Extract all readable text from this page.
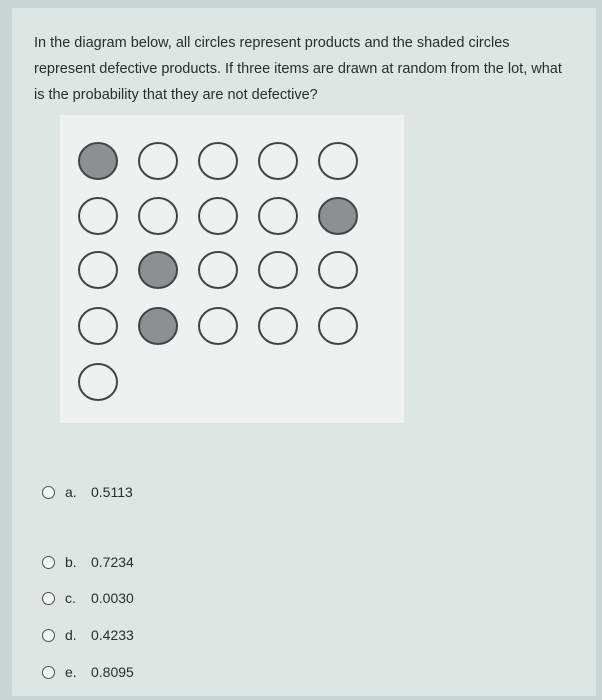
In the diagram below, all circles represent products and the shaded circles represent defective products. If three items are drawn at random from the lot, what is the probability that they are not defective?
a.	0.5113
b.	0.7234
c.	0.0030
d.	0.4233
e.	0.8095
